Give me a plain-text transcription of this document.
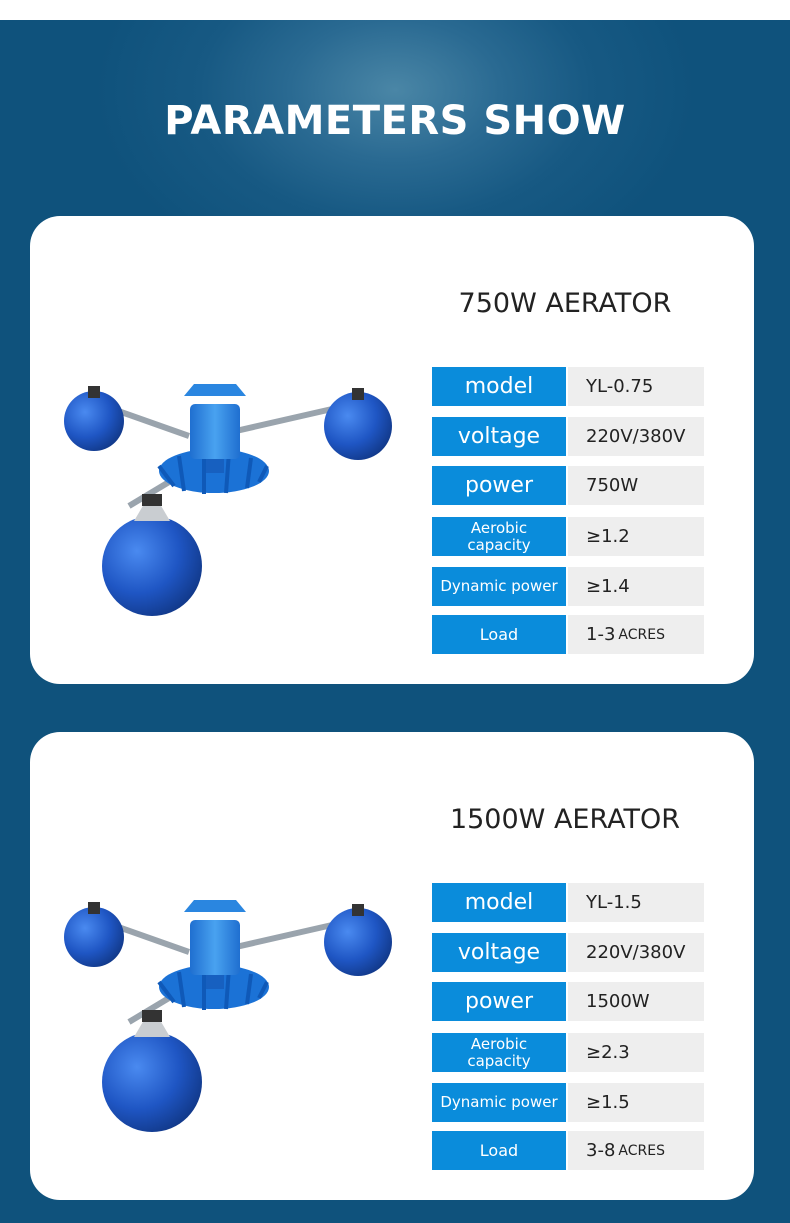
PARAMETERS SHOW
750W AERATOR
model	YL-0.75
voltage	220V/380V
power	750W
Aerobic capacity	≥1.2
Dynamic power	≥1.4
Load	1-3 ACRES
1500W AERATOR
model	YL-1.5
voltage	220V/380V
power	1500W
Aerobic capacity	≥2.3
Dynamic power	≥1.5
Load	3-8 ACRES
